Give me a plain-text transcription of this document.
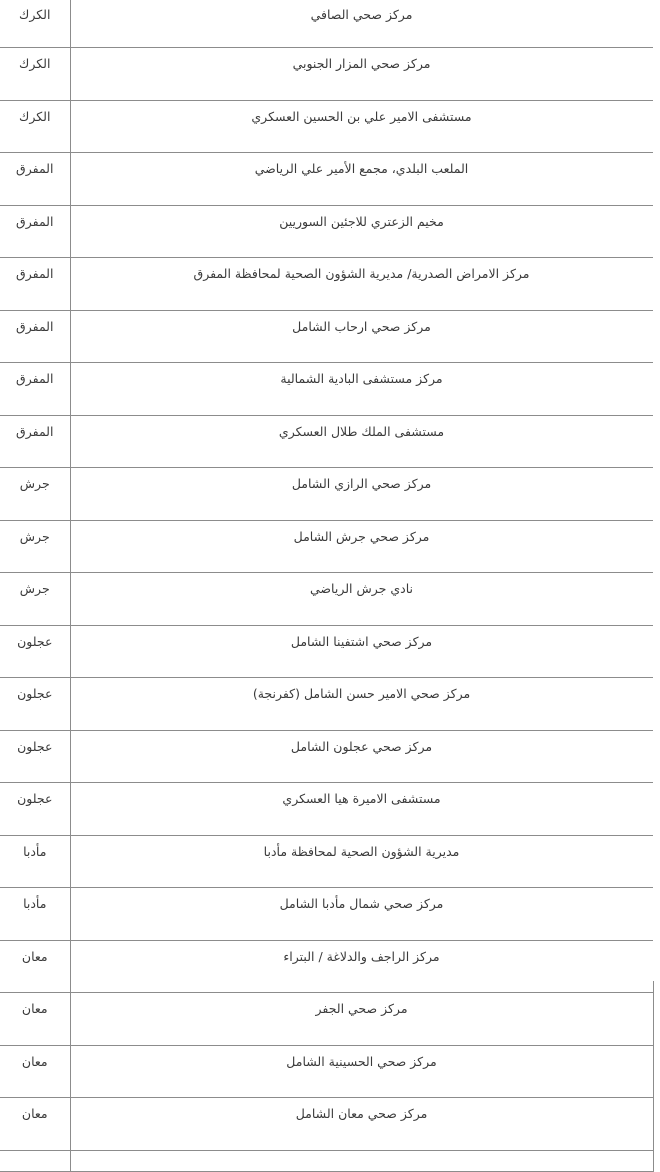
الكرك	مركز صحي الصافي
الكرك	مركز صحي المزار الجنوبي
الكرك	مستشفى الامير علي بن الحسين العسكري
المفرق	الملعب البلدي، مجمع الأمير علي الرياضي
المفرق	مخيم الزعتري للاجئين السوريين
المفرق	مركز الامراض الصدرية/ مديرية الشؤون الصحية لمحافظة المفرق
المفرق	مركز صحي ارحاب الشامل
المفرق	مركز مستشفى البادية الشمالية
المفرق	مستشفى الملك طلال العسكري
جرش	مركز صحي الرازي الشامل
جرش	مركز صحي جرش الشامل
جرش	نادي جرش الرياضي
عجلون	مركز صحي اشتفينا الشامل
عجلون	مركز صحي الامير حسن الشامل (كفرنجة)
عجلون	مركز صحي عجلون الشامل
عجلون	مستشفى الاميرة هيا العسكري
مأدبا	مديرية الشؤون الصحية لمحافظة مأدبا
مأدبا	مركز صحي شمال مأدبا الشامل
معان	مركز الراجف والدلاغة / البتراء
معان	مركز صحي الجفر
معان	مركز صحي الحسينية الشامل
معان	مركز صحي معان الشامل
